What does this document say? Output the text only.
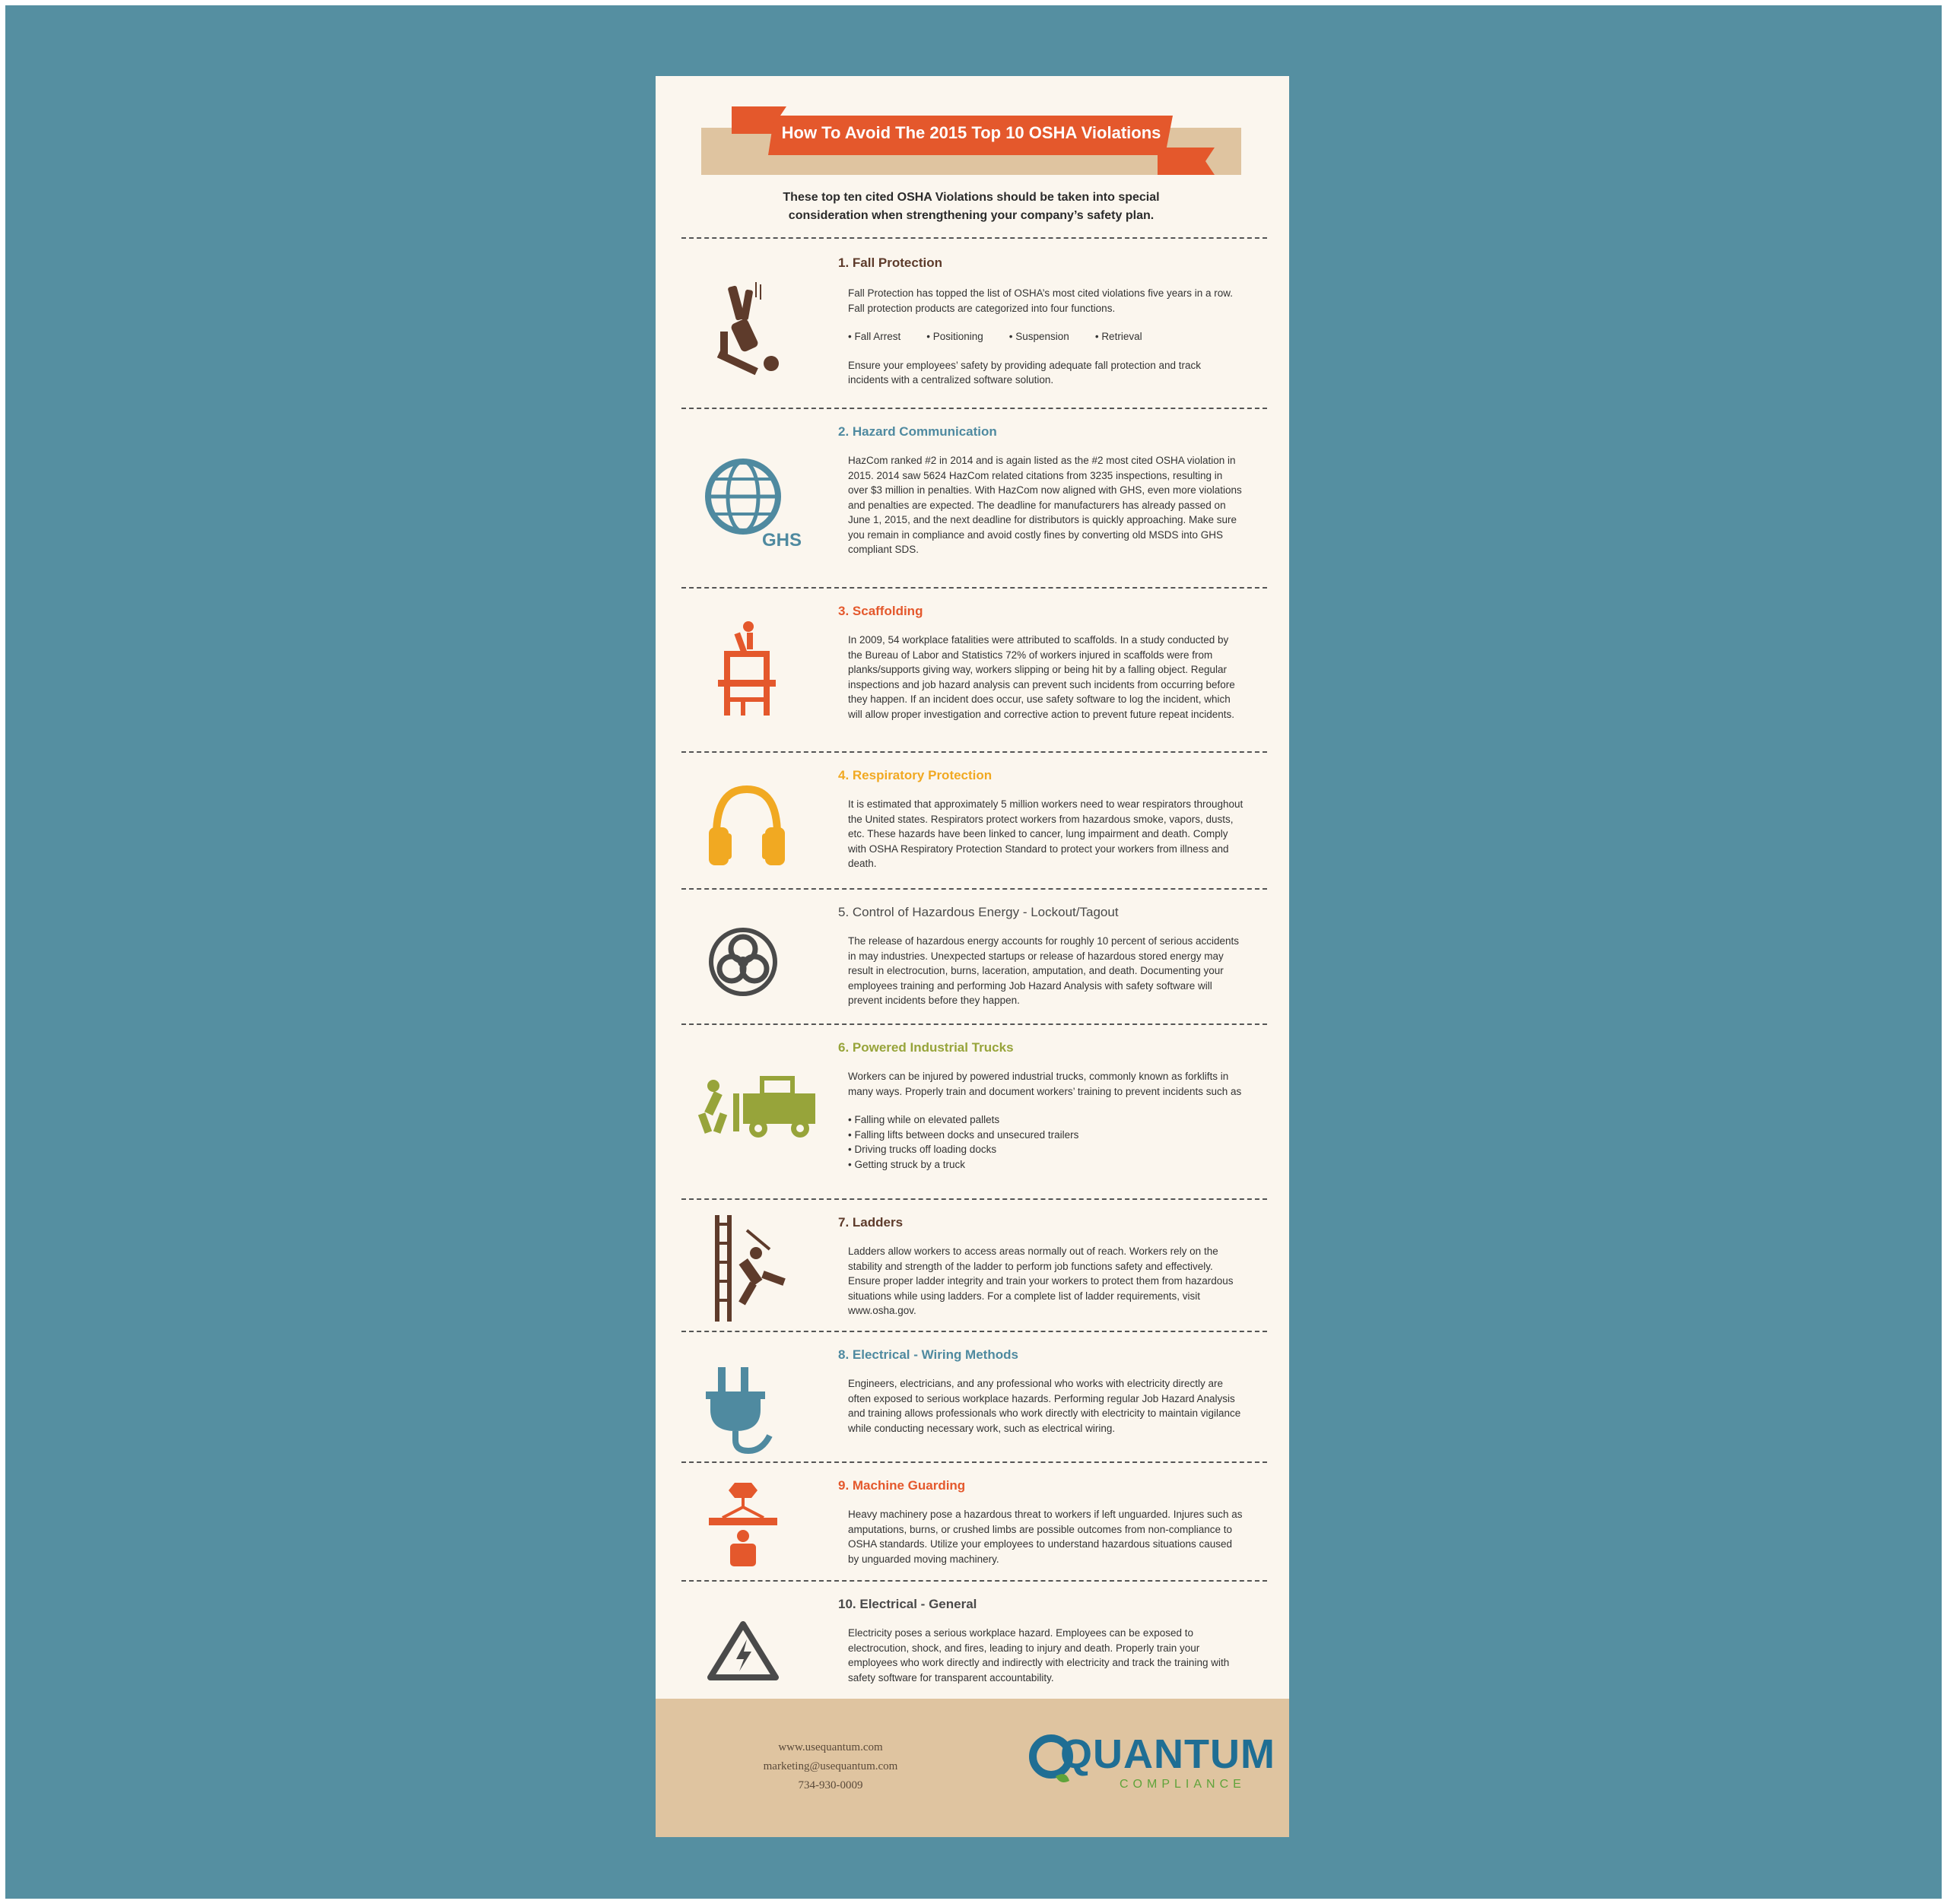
How To Avoid The 2015 Top 10 OSHA Violations
These top ten cited OSHA Violations should be taken into special consideration when strengthening your company’s safety plan.
1. Fall Protection

Fall Protection has topped the list of OSHA’s most cited violations five years in a row. Fall protection products are categorized into four functions.

• Fall Arrest	• Positioning	• Suspension	• Retrieval

Ensure your employees’ safety by providing adequate fall protection and track incidents with a centralized software solution.

GHS
2. Hazard Communication

HazCom ranked #2 in 2014 and is again listed as the #2 most cited OSHA violation in 2015. 2014 saw 5624 HazCom related citations from 3235 inspections, resulting in over $3 million in penalties. With HazCom now aligned with GHS, even more violations and penalties are expected. The deadline for manufacturers has already passed on June 1, 2015, and the next deadline for distributors is quickly approaching. Make sure you remain in compliance and avoid costly fines by converting old MSDS into GHS compliant SDS.

3. Scaffolding

In 2009, 54 workplace fatalities were attributed to scaffolds. In a study conducted by the Bureau of Labor and Statistics 72% of workers injured in scaffolds were from planks/supports giving way, workers slipping or being hit by a falling object. Regular inspections and job hazard analysis can prevent such incidents from occurring before they happen. If an incident does occur, use safety software to log the incident, which will allow proper investigation and corrective action to prevent future repeat incidents.

4. Respiratory Protection

It is estimated that approximately 5 million workers need to wear respirators throughout the United states. Respirators protect workers from hazardous smoke, vapors, dusts, etc. These hazards have been linked to cancer, lung impairment and death. Comply with OSHA Respiratory Protection Standard to protect your workers from illness and death.

5. Control of Hazardous Energy - Lockout/Tagout

The release of hazardous energy accounts for roughly 10 percent of serious accidents in may industries. Unexpected startups or release of hazardous stored energy may result in electrocution, burns, laceration, amputation, and death. Documenting your employees training and performing Job Hazard Analysis with safety software will prevent incidents before they happen.

6. Powered Industrial Trucks

Workers can be injured by powered industrial trucks, commonly known as forklifts in many ways. Properly train and document workers’ training to prevent incidents such as

• Falling while on elevated pallets
• Falling lifts between docks and unsecured trailers
• Driving trucks off loading docks
• Getting struck by a truck
7. Ladders

Ladders allow workers to access areas normally out of reach. Workers rely on the stability and strength of the ladder to perform job functions safety and effectively. Ensure proper ladder integrity and train your workers to protect them from hazardous situations while using ladders. For a complete list of ladder requirements, visit www.osha.gov.

8. Electrical - Wiring Methods

Engineers, electricians, and any professional who works with electricity directly are often exposed to serious workplace hazards. Performing regular Job Hazard Analysis and training allows professionals who work directly with electricity to maintain vigilance while conducting necessary work, such as electrical wiring.

9. Machine Guarding

Heavy machinery pose a hazardous threat to workers if left unguarded. Injures such as amputations, burns, or crushed limbs are possible outcomes from non-compliance to OSHA standards. Utilize your employees to understand hazardous situations caused by unguarded moving machinery.

10. Electrical - General

Electricity poses a serious workplace hazard. Employees can be exposed to electrocution, shock, and fires, leading to injury and death. Properly train your employees who work directly and indirectly with electricity and track the training with safety software for transparent accountability.

www.usequantum.com
marketing@usequantum.com
734-930-0009
QUANTUM
COMPLIANCE
